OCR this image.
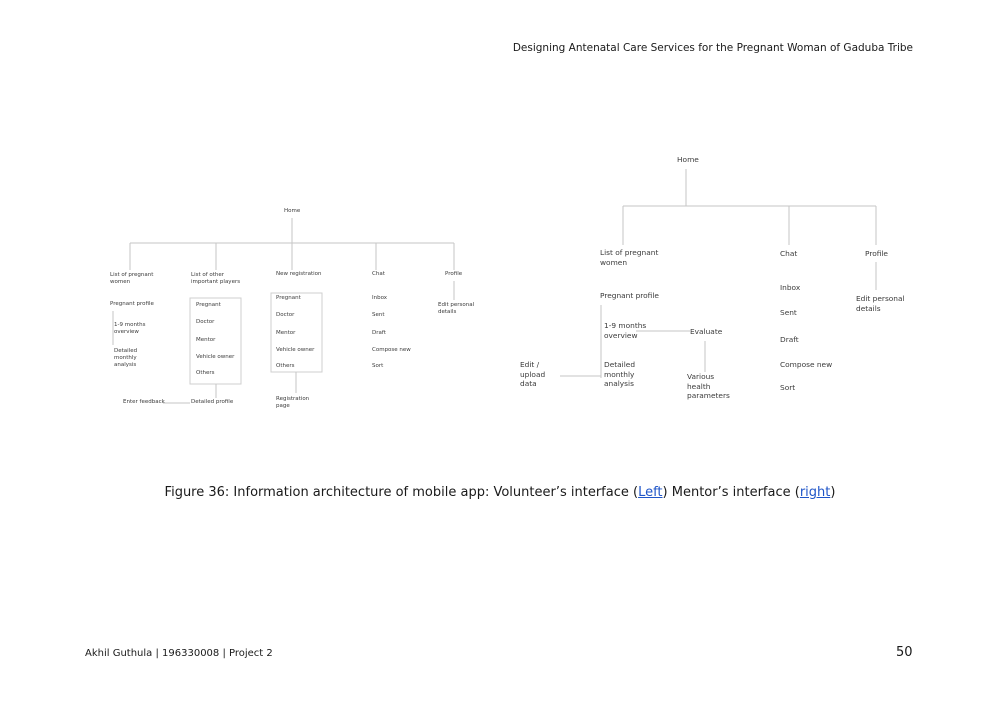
Designing Antenatal Care Services for the Pregnant Woman of Gaduba Tribe
Akhil Guthula | 196330008 | Project 2	50
Home
List of pregnant women
Pregnant profile
1-9 months overview
Detailed monthly analysis
List of other important players
Pregnant
Doctor
Mentor
Vehicle owner
Others
Detailed profile
Enter feedback
New registration
Pregnant
Doctor
Mentor
Vehicle owner
Others
Registration page
Chat
Inbox
Sent
Draft
Compose new
Sort
Profile
Edit personal details
Home
List of pregnant women
Pregnant profile
1-9 months overview
Detailed monthly analysis
Evaluate
Various health parameters
Edit / upload data
Chat
Inbox
Sent
Draft
Compose new
Sort
Profile
Edit personal details
Figure 36: Information architecture of mobile app: Volunteer’s interface (Left) Mentor’s interface (right)
